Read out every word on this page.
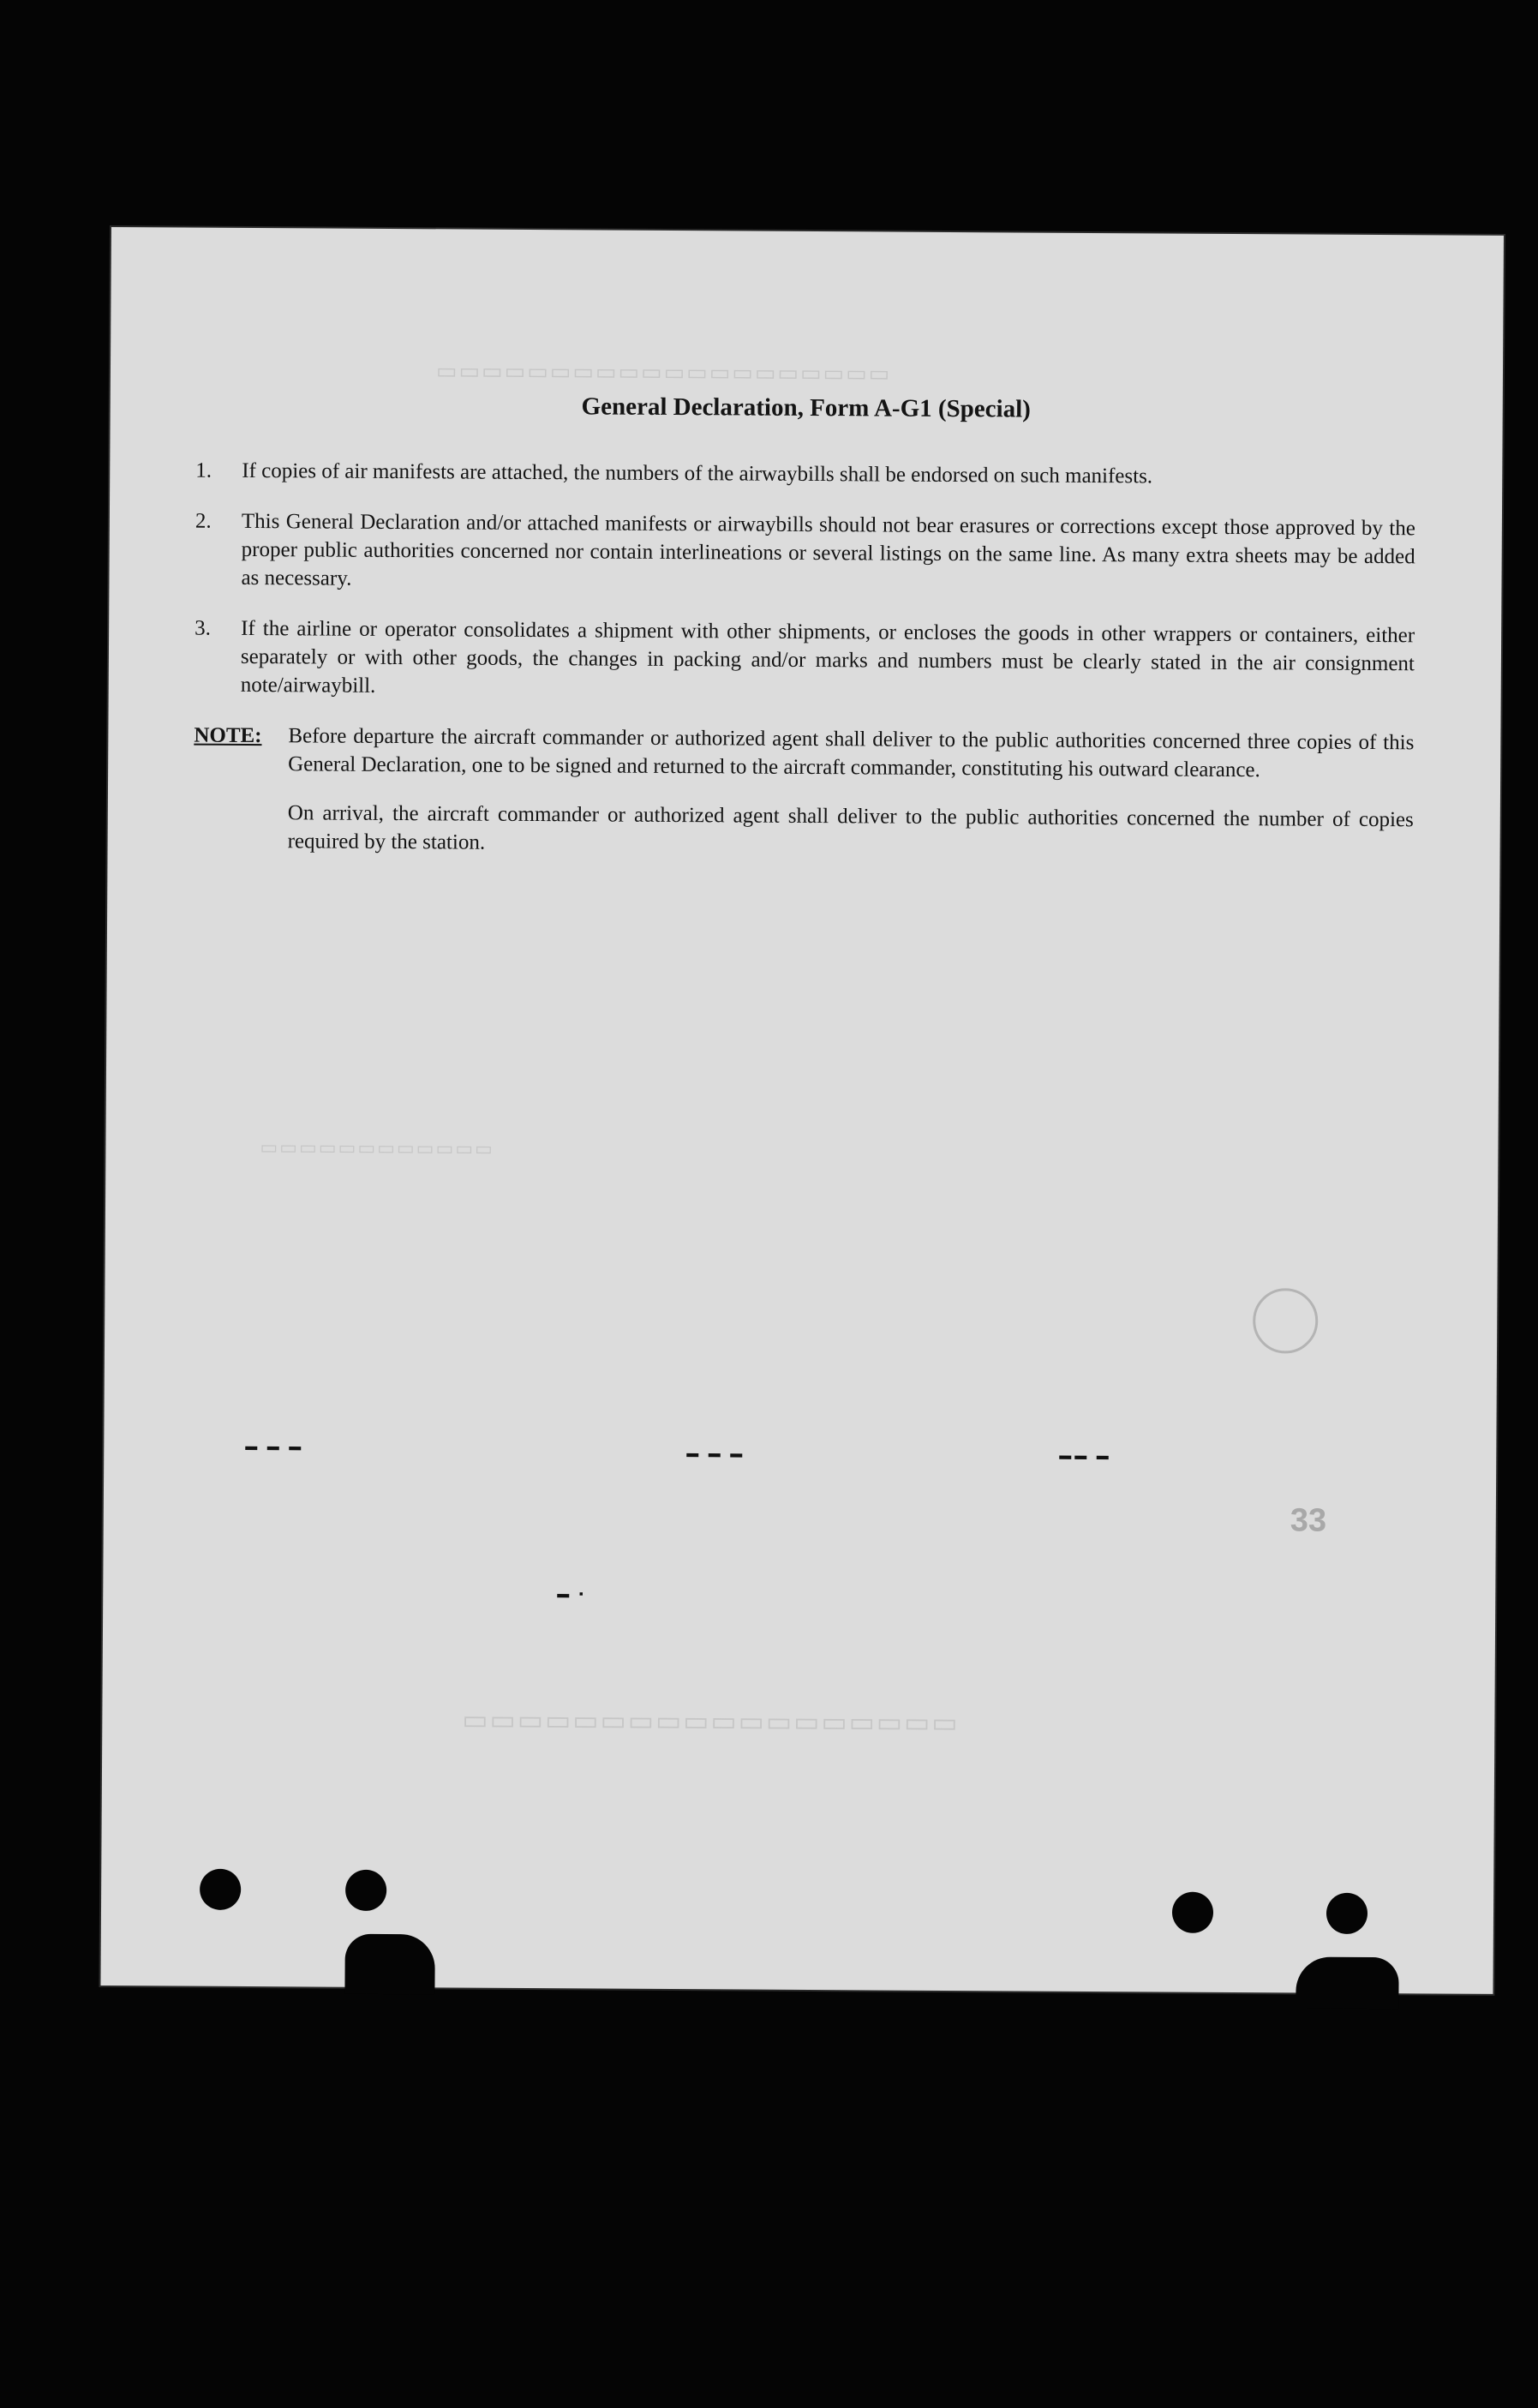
▭▭▭▭▭▭▭▭▭▭▭▭▭▭▭▭▭▭▭▭
▭▭▭▭▭▭▭▭▭▭▭▭
▭▭▭▭▭▭▭▭▭▭▭▭▭▭▭▭▭▭
General Declaration, Form A-G1 (Special)
1.	If copies of air manifests are attached, the numbers of the airwaybills shall be endorsed on such manifests.
2.	This General Declaration and/or attached manifests or airwaybills should not bear erasures or corrections except those approved by the proper public authorities concerned nor contain interlineations or several listings on the same line. As many extra sheets may be added as necessary.
3.	If the airline or operator consolidates a shipment with other shipments, or encloses the goods in other wrappers or containers, either separately or with other goods, the changes in packing and/or marks and numbers must be clearly stated in the air consignment note/airwaybill.
NOTE:	Before departure the aircraft commander or authorized agent shall deliver to the public authorities concerned three copies of this General Declaration, one to be signed and returned to the aircraft commander, constituting his outward clearance.

On arrival, the aircraft commander or authorized agent shall deliver to the public authorities concerned the number of copies required by the station.

33
▬ ▬ ▬
▬ ▬ ▬	▬▬ ▬
▬ ▪
